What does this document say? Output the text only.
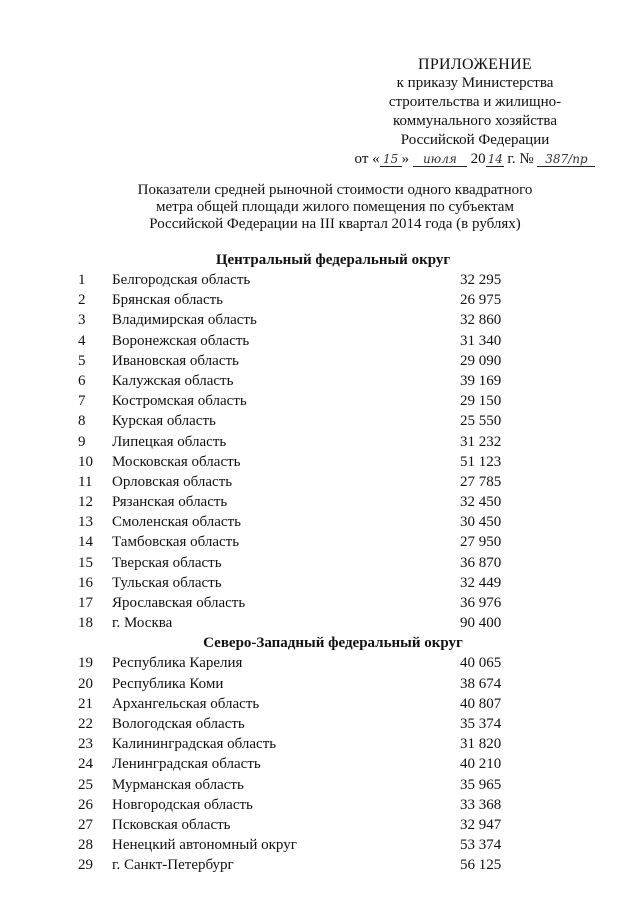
ПРИЛОЖЕНИЕ
к приказу Министерства
строительства и жилищно-
коммунального хозяйства
Российской Федерации
от « 15 » июля 20 14 г. № 387/пр
Показатели средней рыночной стоимости одного квадратного
метра общей площади жилого помещения по субъектам
Российской Федерации на III квартал 2014 года (в рублях)
Центральный федеральный округ
1	Белгородская область	32 295
2	Брянская область	26 975
3	Владимирская область	32 860
4	Воронежская область	31 340
5	Ивановская область	29 090
6	Калужская область	39 169
7	Костромская область	29 150
8	Курская область	25 550
9	Липецкая область	31 232
10	Московская область	51 123
11	Орловская область	27 785
12	Рязанская область	32 450
13	Смоленская область	30 450
14	Тамбовская область	27 950
15	Тверская область	36 870
16	Тульская область	32 449
17	Ярославская область	36 976
18	г. Москва	90 400
Северо-Западный федеральный округ
19	Республика Карелия	40 065
20	Республика Коми	38 674
21	Архангельская область	40 807
22	Вологодская область	35 374
23	Калининградская область	31 820
24	Ленинградская область	40 210
25	Мурманская область	35 965
26	Новгородская область	33 368
27	Псковская область	32 947
28	Ненецкий автономный округ	53 374
29	г. Санкт-Петербург	56 125
